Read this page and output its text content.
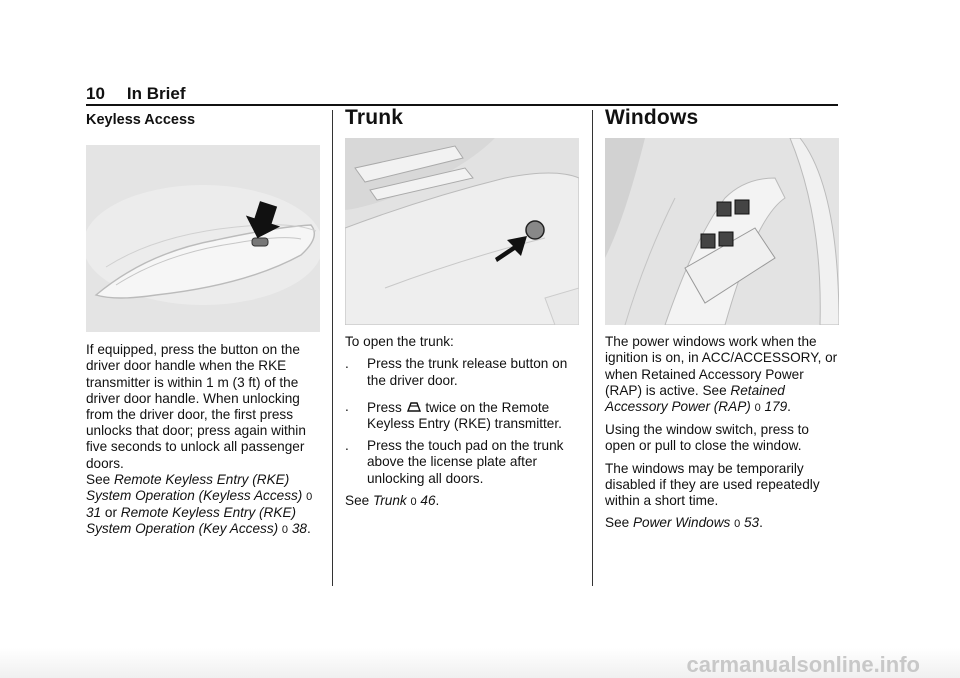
10 In Brief
Keyless Access

If equipped, press the button on the driver door handle when the RKE transmitter is within 1 m (3 ft) of the driver door handle. When unlocking from the driver door, the first press unlocks that door; press again within five seconds to unlock all passenger doors.

See Remote Keyless Entry (RKE) System Operation (Keyless Access) 0 31 or Remote Keyless Entry (RKE) System Operation (Key Access) 0 38.

Trunk

To open the trunk:

. Press the trunk release button on the driver door.
. Press twice on the Remote Keyless Entry (RKE) transmitter.
. Press the touch pad on the trunk above the license plate after unlocking all doors.

See Trunk 0 46.

Windows

The power windows work when the ignition is on, in ACC/ACCESSORY, or when Retained Accessory Power (RAP) is active. See Retained Accessory Power (RAP) 0 179.

Using the window switch, press to open or pull to close the window.

The windows may be temporarily disabled if they are used repeatedly within a short time.

See Power Windows 0 53.

carmanualsonline.info
